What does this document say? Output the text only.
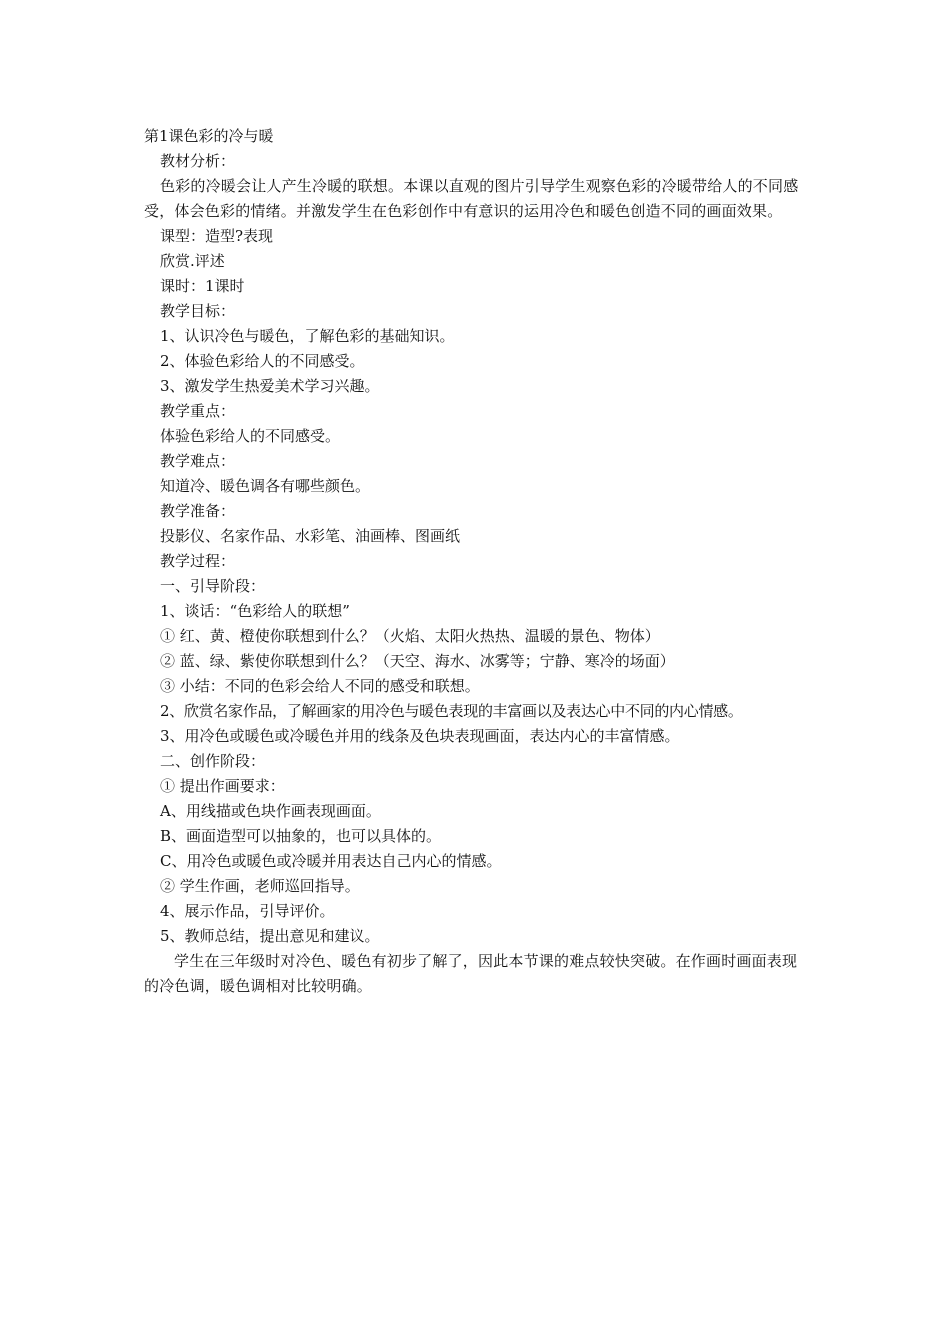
第1课色彩的冷与暖

教材分析：

色彩的冷暖会让人产生冷暖的联想。本课以直观的图片引导学生观察色彩的冷暖带给人的不同感受，体会色彩的情绪。并激发学生在色彩创作中有意识的运用冷色和暖色创造不同的画面效果。

课型：造型?表现

欣赏.评述

课时：1课时

教学目标：

1、认识冷色与暖色，了解色彩的基础知识。

2、体验色彩给人的不同感受。

3、激发学生热爱美术学习兴趣。

教学重点：

体验色彩给人的不同感受。

教学难点：

知道冷、暖色调各有哪些颜色。

教学准备：

投影仪、名家作品、水彩笔、油画棒、图画纸

教学过程：

一、引导阶段：

1、谈话：“色彩给人的联想”

① 红、黄、橙使你联想到什么？（火焰、太阳火热热、温暖的景色、物体）

② 蓝、绿、紫使你联想到什么？（天空、海水、冰雾等；宁静、寒冷的场面）

③ 小结：不同的色彩会给人不同的感受和联想。

2、欣赏名家作品，了解画家的用冷色与暖色表现的丰富画以及表达心中不同的内心情感。

3、用冷色或暖色或冷暖色并用的线条及色块表现画面，表达内心的丰富情感。

二、创作阶段：

① 提出作画要求：

A、用线描或色块作画表现画面。

B、画面造型可以抽象的，也可以具体的。

C、用冷色或暖色或冷暖并用表达自己内心的情感。

② 学生作画，老师巡回指导。

4、展示作品，引导评价。

5、教师总结，提出意见和建议。

学生在三年级时对冷色、暖色有初步了解了，因此本节课的难点较快突破。在作画时画面表现的冷色调，暖色调相对比较明确。
